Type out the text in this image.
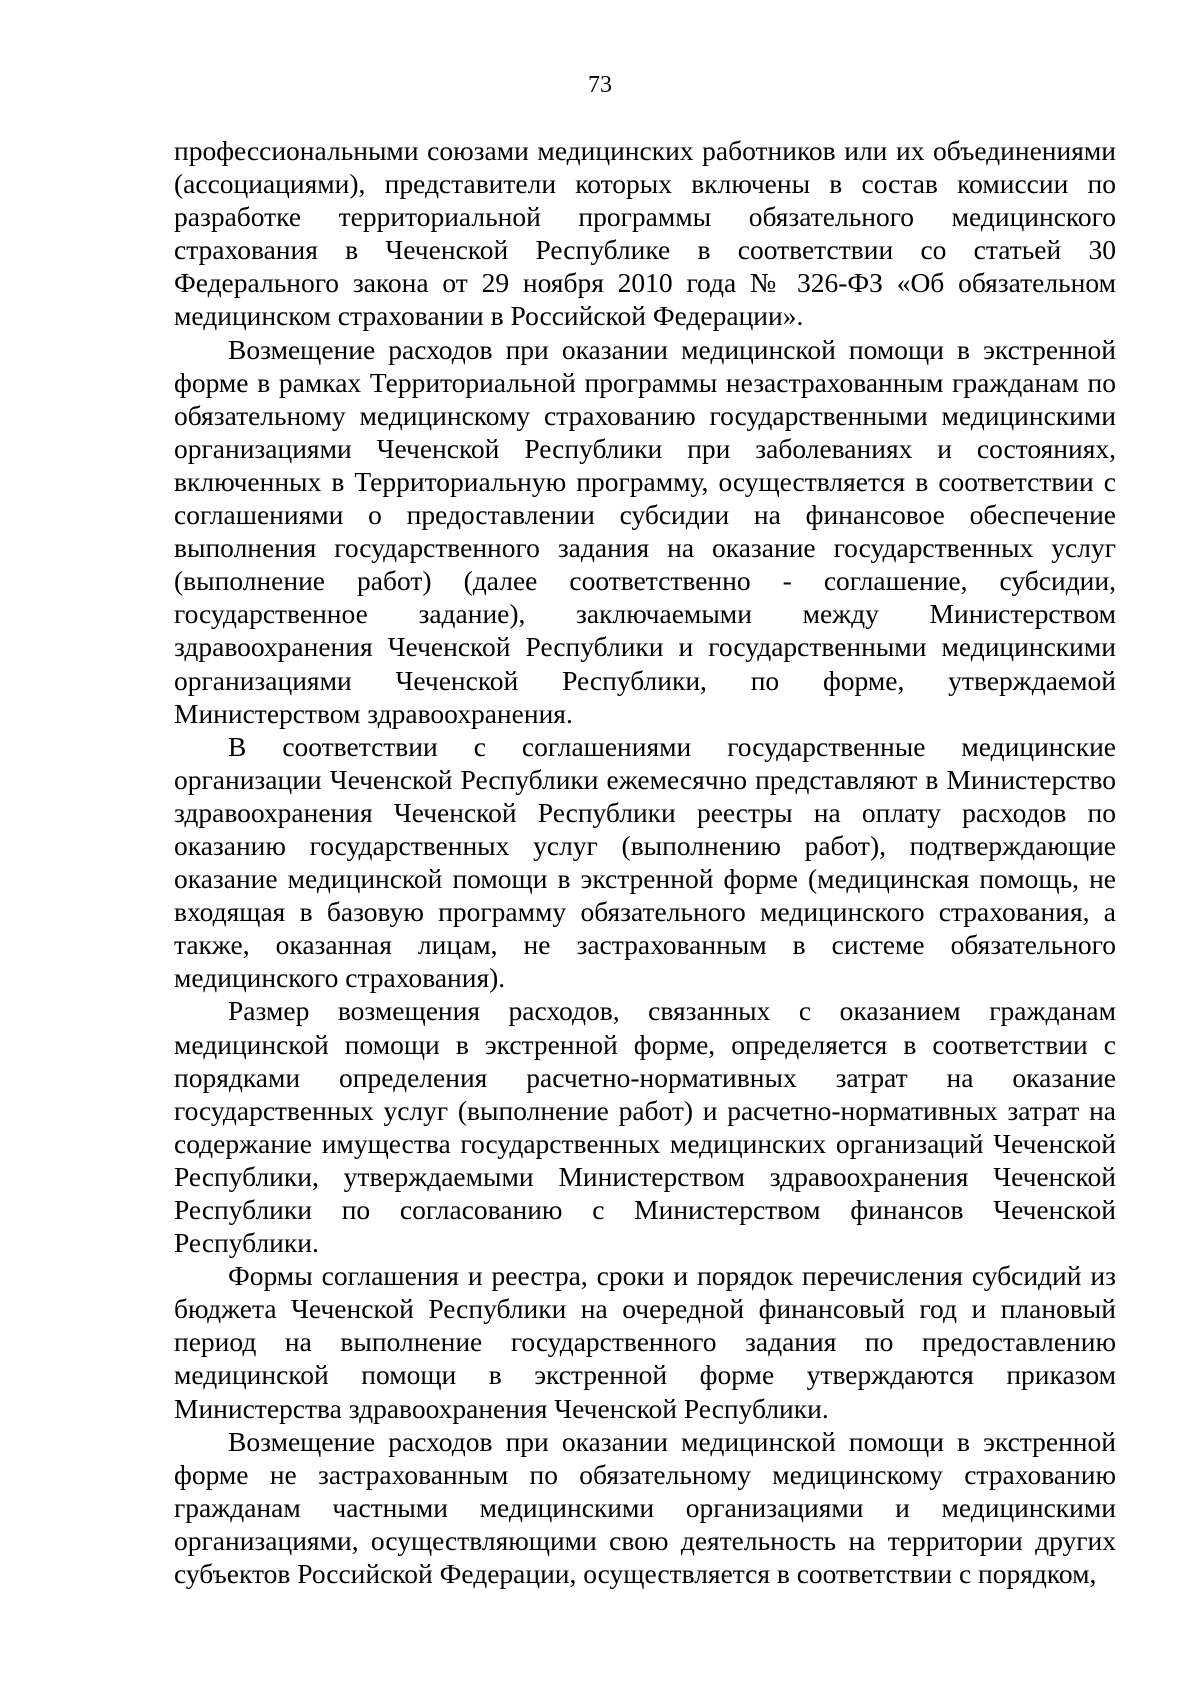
73

профессиональными союзами медицинских работников или их объединениями (ассоциациями), представители которых включены в состав комиссии по разработке территориальной программы обязательного медицинского страхования в Чеченской Республике в соответствии со статьей 30 Федерального закона от 29 ноября 2010 года № 326-ФЗ «Об обязательном медицинском страховании в Российской Федерации».

Возмещение расходов при оказании медицинской помощи в экстренной форме в рамках Территориальной программы незастрахованным гражданам по обязательному медицинскому страхованию государственными медицинскими организациями Чеченской Республики при заболеваниях и состояниях, включенных в Территориальную программу, осуществляется в соответствии с соглашениями о предоставлении субсидии на финансовое обеспечение выполнения государственного задания на оказание государственных услуг (выполнение работ) (далее соответственно - соглашение, субсидии, государственное задание), заключаемыми между Министерством здравоохранения Чеченской Республики и государственными медицинскими организациями Чеченской Республики, по форме, утверждаемой Министерством здравоохранения.

В соответствии с соглашениями государственные медицинские организации Чеченской Республики ежемесячно представляют в Министерство здравоохранения Чеченской Республики реестры на оплату расходов по оказанию государственных услуг (выполнению работ), подтверждающие оказание медицинской помощи в экстренной форме (медицинская помощь, не входящая в базовую программу обязательного медицинского страхования, а также, оказанная лицам, не застрахованным в системе обязательного медицинского страхования).

Размер возмещения расходов, связанных с оказанием гражданам медицинской помощи в экстренной форме, определяется в соответствии с порядками определения расчетно-нормативных затрат на оказание государственных услуг (выполнение работ) и расчетно-нормативных затрат на содержание имущества государственных медицинских организаций Чеченской Республики, утверждаемыми Министерством здравоохранения Чеченской Республики по согласованию с Министерством финансов Чеченской Республики.

Формы соглашения и реестра, сроки и порядок перечисления субсидий из бюджета Чеченской Республики на очередной финансовый год и плановый период на выполнение государственного задания по предоставлению медицинской помощи в экстренной форме утверждаются приказом Министерства здравоохранения Чеченской Республики.

Возмещение расходов при оказании медицинской помощи в экстренной форме не застрахованным по обязательному медицинскому страхованию гражданам частными медицинскими организациями и медицинскими организациями, осуществляющими свою деятельность на территории других субъектов Российской Федерации, осуществляется в соответствии с порядком,
